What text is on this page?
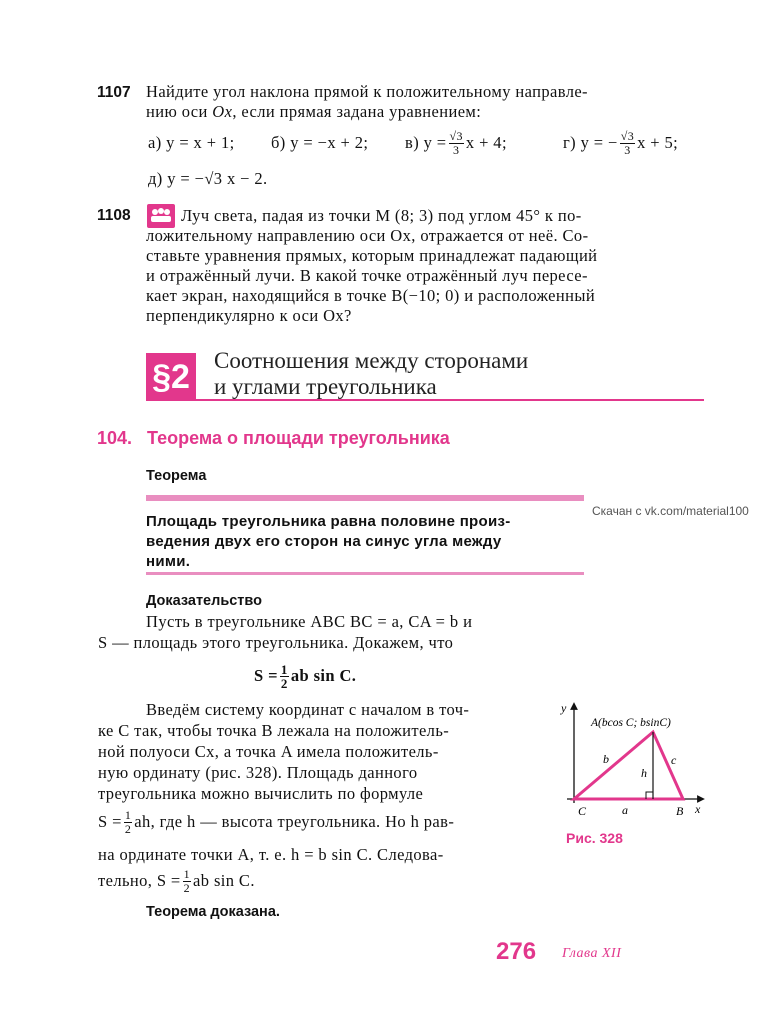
1107 Найдите угол наклона прямой к положительному направле-
нию оси Ox, если прямая задана уравнением:
а) y = x + 1; б) y = −x + 2; в) $y = \frac{√3}{3}$ x + 4;	г) y = − $\frac{√3}{3}$ x + 5;
д) y = −√3 x − 2.
1108	Луч света, падая из точки M (8; 3) под углом 45° к по-
ложительному направлению оси Ox, отражается от неё. Со-
ставьте уравнения прямых, которым принадлежат падающий
и отражённый лучи. В какой точке отражённый луч пересе-
кает экран, находящийся в точке B(−10; 0) и расположенный
перпендикулярно к оси Ox?
§2 Соотношения между сторонами
и углами треугольника
104. Теорема о площади треугольника
Теорема
Скачан с vk.com/material100
Площадь треугольника равна половине произ-
ведения двух его сторон на синус угла между
ними.
Доказательство
Пусть в треугольнике ABC BC = a, CA = b и
S — площадь этого треугольника. Докажем, что
$S = \frac{1}{2}$ ab sin C.
Введём систему координат с началом в точ-
ке C так, чтобы точка B лежала на положитель-
ной полуоси Cx, а точка A имела положитель-
ную ординату (рис. 328). Площадь данного
треугольника можно вычислить по формуле
$S = \frac{1}{2}$ ah, где h — высота треугольника. Но h рав-
на ординате точки A, т. е. h = b sin C. Следова-
тельно, $S = \frac{1}{2}$ ab sin C.
Теорема доказана.
y
x
A(bcos C; bsinC)
b	c
h
a
C	B
Рис. 328
276 Глава XII
